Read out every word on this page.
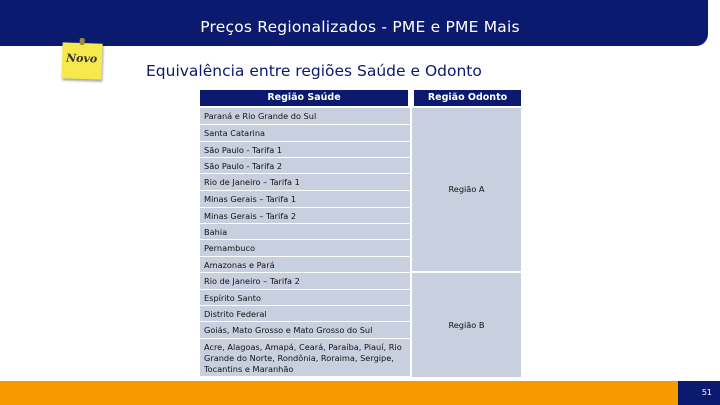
Preços Regionalizados - PME e PME Mais
Novo
Equivalência entre regiões Saúde e Odonto
Região Saúde	Região Odonto
Paraná e Rio Grande do Sul
Santa Catarina
São Paulo - Tarifa 1
São Paulo - Tarifa 2
Rio de Janeiro – Tarifa 1
Minas Gerais – Tarifa 1
Minas Gerais – Tarifa 2
Bahia
Pernambuco
Amazonas e Pará
Rio de Janeiro – Tarifa 2
Espírito Santo
Distrito Federal
Goiás, Mato Grosso e Mato Grosso do Sul
Acre, Alagoas, Amapá, Ceará, Paraíba, Piauí, Rio Grande do Norte, Rondônia, Roraima, Sergipe, Tocantins e Maranhão
Região A
Região B
51
